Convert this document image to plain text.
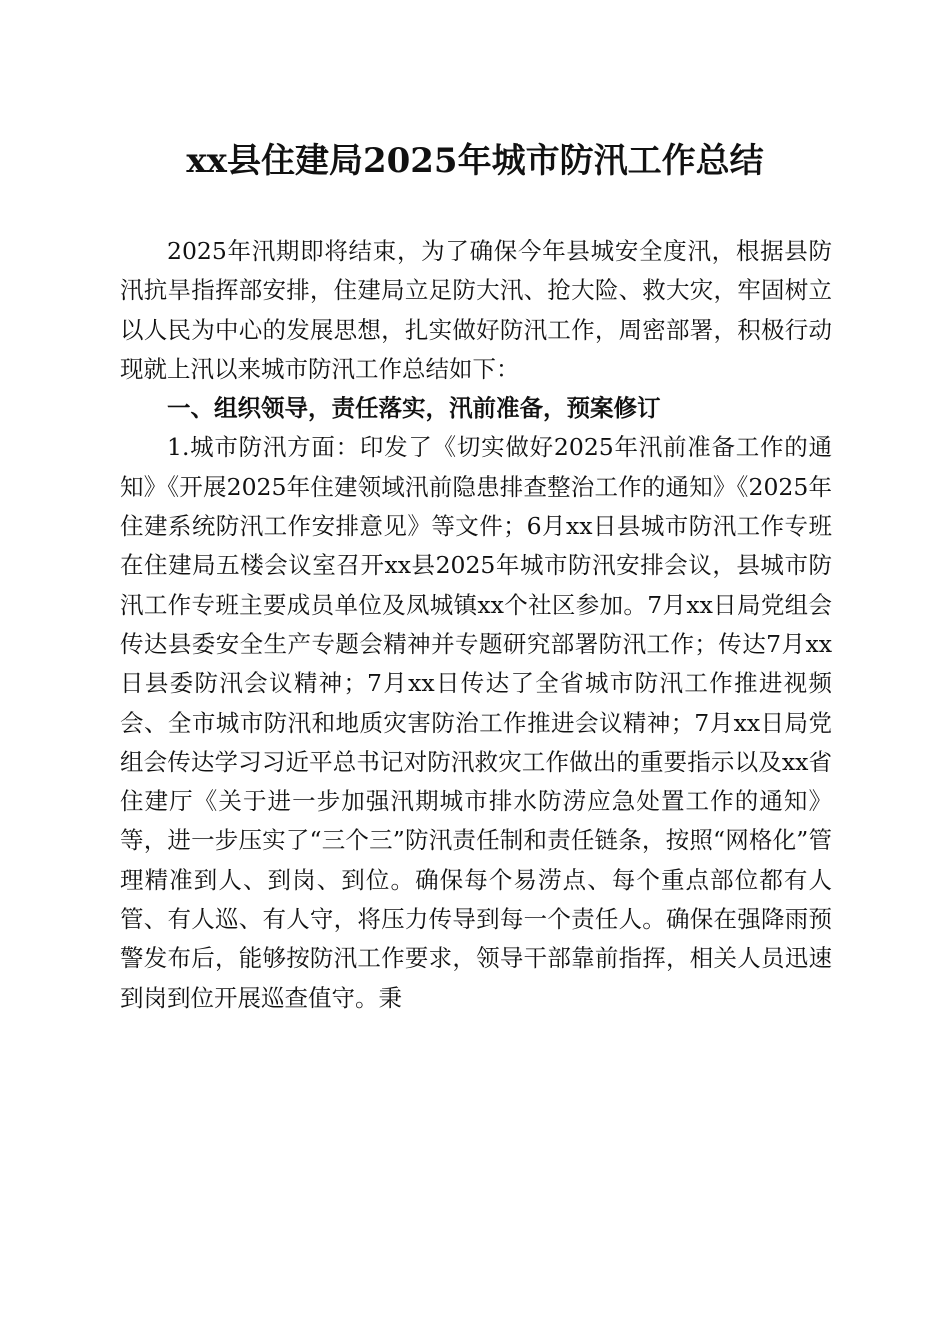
xx县住建局2025年城市防汛工作总结

2025年汛期即将结束，为了确保今年县城安全度汛，根据县防汛抗旱指挥部安排，住建局立足防大汛、抢大险、救大灾，牢固树立以人民为中心的发展思想，扎实做好防汛工作，周密部署，积极行动现就上汛以来城市防汛工作总结如下：

一、组织领导，责任落实，汛前准备，预案修订

1.城市防汛方面：印发了《切实做好2025年汛前准备工作的通知》《开展2025年住建领域汛前隐患排查整治工作的通知》《2025年住建系统防汛工作安排意见》等文件；6月xx日县城市防汛工作专班在住建局五楼会议室召开xx县2025年城市防汛安排会议，县城市防汛工作专班主要成员单位及凤城镇xx个社区参加。7月xx日局党组会传达县委安全生产专题会精神并专题研究部署防汛工作；传达7月xx日县委防汛会议精神；7月xx日传达了全省城市防汛工作推进视频会、全市城市防汛和地质灾害防治工作推进会议精神；7月xx日局党组会传达学习习近平总书记对防汛救灾工作做出的重要指示以及xx省住建厅《关于进一步加强汛期城市排水防涝应急处置工作的通知》等，进一步压实了“三个三”防汛责任制和责任链条，按照“网格化”管理精准到人、到岗、到位。确保每个易涝点、每个重点部位都有人管、有人巡、有人守，将压力传导到每一个责任人。确保在强降雨预警发布后，能够按防汛工作要求，领导干部靠前指挥，相关人员迅速到岗到位开展巡查值守。秉
